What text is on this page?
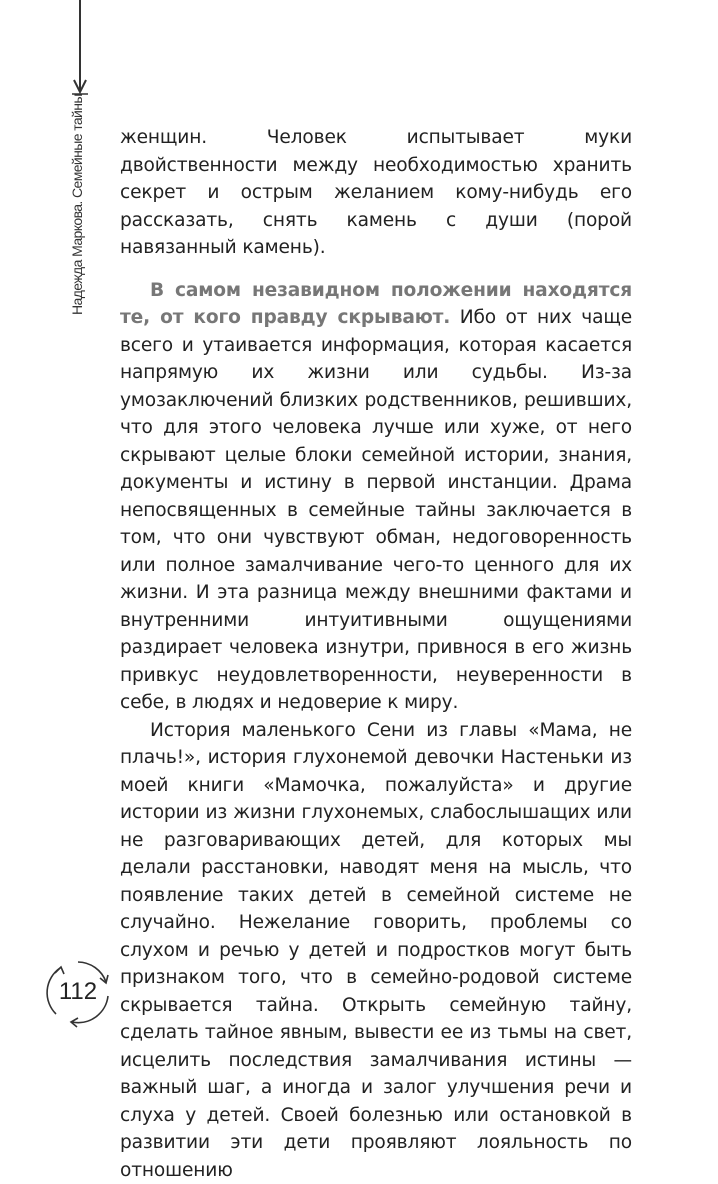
Надежда Маркова. Семейные тайны женщин. Человек испытывает муки двойственности между необходимостью хранить секрет и острым желанием кому-нибудь его рассказать, снять камень с души (порой навязанный камень).

В самом незавидном положении находятся те, от кого правду скрывают. Ибо от них чаще всего и утаивается информация, которая касается напрямую их жизни или судьбы. Из-за умозаключений близких родственников, решивших, что для этого человека лучше или хуже, от него скрывают целые блоки семейной истории, знания, документы и истину в первой инстанции. Драма непосвященных в семейные тайны заключается в том, что они чувствуют обман, недоговоренность или полное замалчивание чего-то ценного для их жизни. И эта разница между внешними фактами и внутренними интуитивными ощущениями раздирает человека изнутри, привнося в его жизнь привкус неудовлетворенности, неуверенности в себе, в людях и недоверие к миру.

История маленького Сени из главы «Мама, не плачь!», история глухонемой девочки Настеньки из моей книги «Мамочка, пожалуйста» и другие истории из жизни глухонемых, слабослышащих или не разговаривающих детей, для которых мы делали расстановки, наводят меня на мысль, что появление таких детей в семейной системе не случайно. Нежелание говорить, проблемы со слухом и речью у детей и подростков могут быть признаком того, что в семейно-родовой системе скрывается тайна. Открыть семейную тайну, сделать тайное явным, вывести ее из тьмы на свет, исцелить последствия замалчивания истины — важный шаг, а иногда и залог улучшения речи и слуха у детей. Своей болезнью или остановкой в развитии эти дети проявляют лояльность по отношению

112
